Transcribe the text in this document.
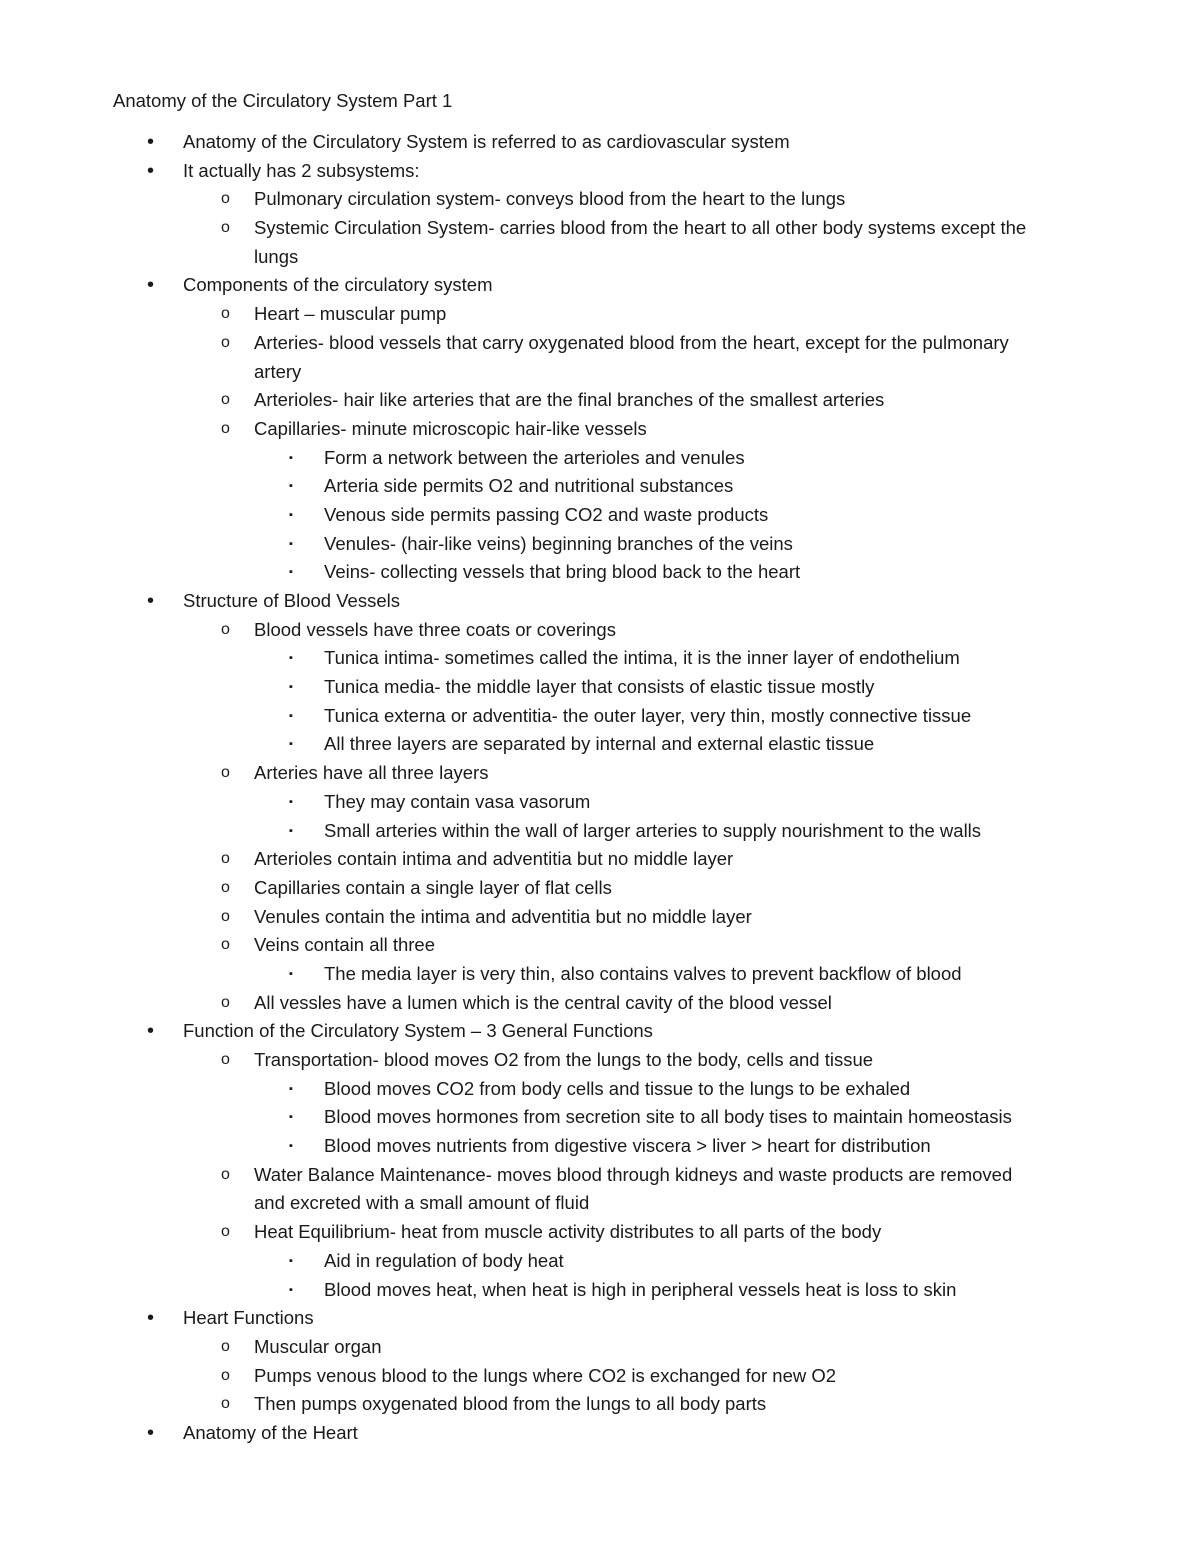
Anatomy of the Circulatory System Part 1
• Anatomy of the Circulatory System is referred to as cardiovascular system
• It actually has 2 subsystems:
o Pulmonary circulation system- conveys blood from the heart to the lungs
o Systemic Circulation System- carries blood from the heart to all other body systems except the
lungs
• Components of the circulatory system
o Heart – muscular pump
o Arteries- blood vessels that carry oxygenated blood from the heart, except for the pulmonary
artery
o Arterioles- hair like arteries that are the final branches of the smallest arteries
o Capillaries- minute microscopic hair-like vessels
▪ Form a network between the arterioles and venules
▪ Arteria side permits O2 and nutritional substances
▪ Venous side permits passing CO2 and waste products
▪ Venules- (hair-like veins) beginning branches of the veins
▪ Veins- collecting vessels that bring blood back to the heart
• Structure of Blood Vessels
o Blood vessels have three coats or coverings
▪ Tunica intima- sometimes called the intima, it is the inner layer of endothelium
▪ Tunica media- the middle layer that consists of elastic tissue mostly
▪ Tunica externa or adventitia- the outer layer, very thin, mostly connective tissue
▪ All three layers are separated by internal and external elastic tissue
o Arteries have all three layers
▪ They may contain vasa vasorum
▪ Small arteries within the wall of larger arteries to supply nourishment to the walls
o Arterioles contain intima and adventitia but no middle layer
o Capillaries contain a single layer of flat cells
o Venules contain the intima and adventitia but no middle layer
o Veins contain all three
▪ The media layer is very thin, also contains valves to prevent backflow of blood
o All vessles have a lumen which is the central cavity of the blood vessel
• Function of the Circulatory System – 3 General Functions
o Transportation- blood moves O2 from the lungs to the body, cells and tissue
▪ Blood moves CO2 from body cells and tissue to the lungs to be exhaled
▪ Blood moves hormones from secretion site to all body tises to maintain homeostasis
▪ Blood moves nutrients from digestive viscera > liver > heart for distribution
o Water Balance Maintenance- moves blood through kidneys and waste products are removed
and excreted with a small amount of fluid
o Heat Equilibrium- heat from muscle activity distributes to all parts of the body
▪ Aid in regulation of body heat
▪ Blood moves heat, when heat is high in peripheral vessels heat is loss to skin
• Heart Functions
o Muscular organ
o Pumps venous blood to the lungs where CO2 is exchanged for new O2
o Then pumps oxygenated blood from the lungs to all body parts
• Anatomy of the Heart
